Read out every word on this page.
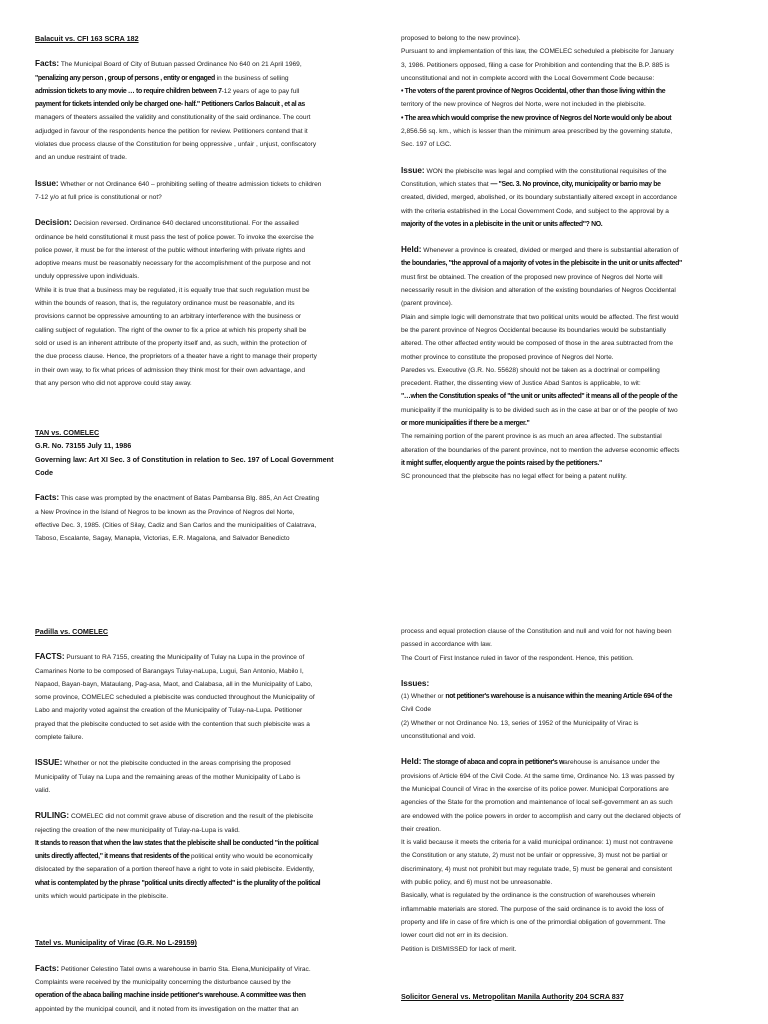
Balacuit vs. CFI 163 SCRA 182

Facts: The Municipal Board of City of Butuan passed Ordinance No 640 on 21 April 1969,

"penalizing any person , group of persons , entity or engaged in the business of selling

admission tickets to any movie … to require children between 7-12 years of age to pay full

payment for tickets intended only be charged one- half." Petitioners Carlos Balacuit , et al as

managers of theaters assailed the validity and constitutionality of the said ordinance. The court

adjudged in favour of the respondents hence the petition for review. Petitioners contend that it

violates due process clause of the Constitution for being oppressive , unfair , unjust, confiscatory

and an undue restraint of trade.

Issue: Whether or not Ordinance 640 – prohibiting selling of theatre admission tickets to children

7-12 y/o at full price is constitutional or not?

Decision: Decision reversed. Ordinance 640 declared unconstitutional. For the assailed

ordinance be held constitutional it must pass the test of police power. To invoke the exercise the

police power, it must be for the interest of the public without interfering with private rights and

adoptive means must be reasonably necessary for the accomplishment of the purpose and not

unduly oppressive upon individuals.

While it is true that a business may be regulated, it is equally true that such regulation must be

within the bounds of reason, that is, the regulatory ordinance must be reasonable, and its

provisions cannot be oppressive amounting to an arbitrary interference with the business or

calling subject of regulation. The right of the owner to fix a price at which his property shall be

sold or used is an inherent attribute of the property itself and, as such, within the protection of

the due process clause. Hence, the proprietors of a theater have a right to manage their property

in their own way, to fix what prices of admission they think most for their own advantage, and

that any person who did not approve could stay away.

TAN vs. COMELEC

G.R. No. 73155 July 11, 1986

Governing law: Art XI Sec. 3 of Constitution in relation to Sec. 197 of Local Government

Code

Facts: This case was prompted by the enactment of Batas Pambansa Blg. 885, An Act Creating

a New Province in the Island of Negros to be known as the Province of Negros del Norte,

effective Dec. 3, 1985. (Cities of Silay, Cadiz and San Carlos and the municipalities of Calatrava,

Taboso, Escalante, Sagay, Manapla, Victorias, E.R. Magalona, and Salvador Benedicto

proposed to belong to the new province).

Pursuant to and implementation of this law, the COMELEC scheduled a plebiscite for January

3, 1986. Petitioners opposed, filing a case for Prohibition and contending that the B.P. 885 is

unconstitutional and not in complete accord with the Local Government Code because:

• The voters of the parent province of Negros Occidental, other than those living within the

territory of the new province of Negros del Norte, were not included in the plebiscite.

• The area which would comprise the new province of Negros del Norte would only be about

2,856.56 sq. km., which is lesser than the minimum area prescribed by the governing statute,

Sec. 197 of LGC.

Issue: WON the plebiscite was legal and complied with the constitutional requisites of the

Constitution, which states that — "Sec. 3. No province, city, municipality or barrio may be

created, divided, merged, abolished, or its boundary substantially altered except in accordance

with the criteria established in the Local Government Code, and subject to the approval by a

majority of the votes in a plebiscite in the unit or units affected"? NO.

Held: Whenever a province is created, divided or merged and there is substantial alteration of

the boundaries, "the approval of a majority of votes in the plebiscite in the unit or units affected"

must first be obtained. The creation of the proposed new province of Negros del Norte will

necessarily result in the division and alteration of the existing boundaries of Negros Occidental

(parent province).

Plain and simple logic will demonstrate that two political units would be affected. The first would

be the parent province of Negros Occidental because its boundaries would be substantially

altered. The other affected entity would be composed of those in the area subtracted from the

mother province to constitute the proposed province of Negros del Norte.

Paredes vs. Executive (G.R. No. 55628) should not be taken as a doctrinal or compelling

precedent. Rather, the dissenting view of Justice Abad Santos is applicable, to wit:

"…when the Constitution speaks of "the unit or units affected" it means all of the people of the

municipality if the municipality is to be divided such as in the case at bar or of the people of two

or more municipalities if there be a merger."

The remaining portion of the parent province is as much an area affected. The substantial

alteration of the boundaries of the parent province, not to mention the adverse economic effects

it might suffer, eloquently argue the points raised by the petitioners."

SC pronounced that the plebscite has no legal effect for being a patent nullity.

Padilla vs. COMELEC

FACTS: Pursuant to RA 7155, creating the Municipality of Tulay na Lupa in the province of

Camarines Norte to be composed of Barangays Tulay-naLupa, Lugui, San Antonio, Mabilo I,

Napaod, Bayan-bayn, Mataulang, Pag-asa, Maot, and Calabasa, all in the Municipality of Labo,

some province, COMELEC scheduled a plebiscite was conducted throughout the Municipality of

Labo and majority voted against the creation of the Municipality of Tulay-na-Lupa. Petitioner

prayed that the plebiscite conducted to set aside with the contention that such plebiscite was a

complete failure.

ISSUE: Whether or not the plebiscite conducted in the areas comprising the proposed

Municipality of Tulay na Lupa and the remaining areas of the mother Municipality of Labo is

valid.

RULING: COMELEC did not commit grave abuse of discretion and the result of the plebiscite

rejecting the creation of the new municipality of Tulay-na-Lupa is valid.

It stands to reason that when the law states that the plebiscite shall be conducted "in the political

units directly affected," it means that residents of the political entity who would be economically

dislocated by the separation of a portion thereof have a right to vote in said plebiscite. Evidently,

what is contemplated by the phrase "political units directly affected" is the plurality of the political

units which would participate in the plebiscite.

Tatel vs. Municipality of Virac (G.R. No L-29159)

Facts: Petitioner Celestino Tatel owns a warehouse in barrio Sta. Elena,Municipality of Virac.

Complaints were received by the municipality concerning the disturbance caused by the

operation of the abaca bailing machine inside petitioner's warehouse. A committee was then

appointed by the municipal council, and it noted from its investigation on the matter that an

process and equal protection clause of the Constitution and null and void for not having been

passed in accordance with law.

The Court of First Instance ruled in favor of the respondent. Hence, this petition.

Issues:

(1) Whether or not petitioner's warehouse is a nuisance within the meaning Article 694 of the

Civil Code

(2) Whether or not Ordinance No. 13, series of 1952 of the Municipality of Virac is

unconstitutional and void.

Held: The storage of abaca and copra in petitioner's warehouse is anuisance under the

provisions of Article 694 of the Civil Code. At the same time, Ordinance No. 13 was passed by

the Municipal Council of Virac in the exercise of its police power. Municipal Corporations are

agencies of the State for the promotion and maintenance of local self-government an as such

are endowed with the police powers in order to accomplish and carry out the declared objects of

their creation.

It is valid because it meets the criteria for a valid municipal ordinance: 1) must not contravene

the Constitution or any statute, 2) must not be unfair or oppressive, 3) must not be partial or

discriminatory, 4) must not prohibit but may regulate trade, 5) must be general and consistent

with public policy, and 6) must not be unreasonable.

Basically, what is regulated by the ordinance is the construction of warehouses wherein

inflammable materials are stored. The purpose of the said ordinance is to avoid the loss of

property and life in case of fire which is one of the primordial obligation of government. The

lower court did not err in its decision.

Petition is DISMISSED for lack of merit.

Solicitor General vs. Metropolitan Manila Authority 204 SCRA 837
